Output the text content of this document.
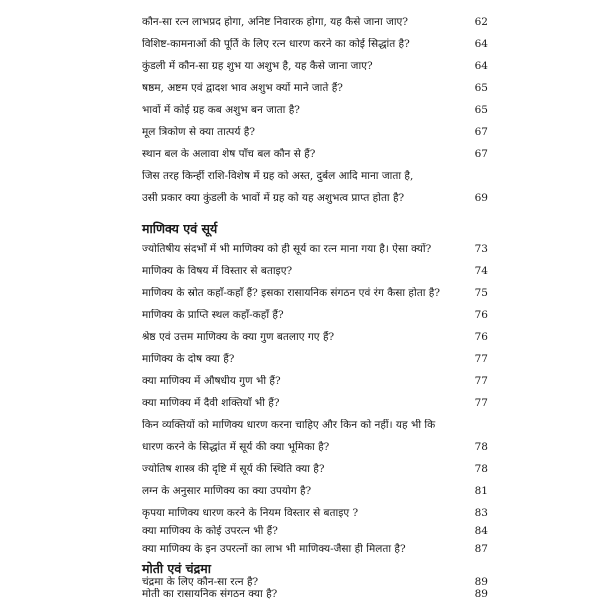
कौन-सा रत्न लाभप्रद होगा, अनिष्ट निवारक होगा, यह कैसे जाना जाए?	62
विशिष्ट-कामनाओं की पूर्ति के लिए रत्न धारण करने का कोई सिद्धांत है?	64
कुंडली में कौन-सा ग्रह शुभ या अशुभ है, यह कैसे जाना जाए?	64
षष्ठम, अष्टम एवं द्वादश भाव अशुभ क्यों माने जाते हैं?	65
भावों में कोई ग्रह कब अशुभ बन जाता है?	65
मूल त्रिकोण से क्या तात्पर्य है?	67
स्थान बल के अलावा शेष पाँच बल कौन से हैं?	67
जिस तरह किन्हीं राशि-विशेष में ग्रह को अस्त, दुर्बल आदि माना जाता है,
उसी प्रकार क्या कुंडली के भावों में ग्रह को यह अशुभत्व प्राप्त होता है?	69
माणिक्य एवं सूर्य
ज्योतिषीय संदर्भों में भी माणिक्य को ही सूर्य का रत्न माना गया है। ऐसा क्यों?	73
माणिक्य के विषय में विस्तार से बताइए?	74
माणिक्य के स्रोत कहाँ-कहाँ हैं? इसका रासायनिक संगठन एवं रंग कैसा होता है?	75
माणिक्य के प्राप्ति स्थल कहाँ-कहाँ हैं?	76
श्रेष्ठ एवं उत्तम माणिक्य के क्या गुण बतलाए गए हैं?	76
माणिक्य के दोष क्या हैं?	77
क्या माणिक्य में औषधीय गुण भी हैं?	77
क्या माणिक्य में दैवी शक्तियाँ भी हैं?	77
किन व्यक्तियों को माणिक्य धारण करना चाहिए और किन को नहीं। यह भी कि
धारण करने के सिद्धांत में सूर्य की क्या भूमिका है?	78
ज्योतिष शास्त्र की दृष्टि में सूर्य की स्थिति क्या है?	78
लग्न के अनुसार माणिक्य का क्या उपयोग है?	81
कृपया माणिक्य धारण करने के नियम विस्तार से बताइए ?	83
क्या माणिक्य के कोई उपरत्न भी हैं?	84
क्या माणिक्य के इन उपरत्नों का लाभ भी माणिक्य-जैसा ही मिलता है?	87
मोती एवं चंद्रमा
चंद्रमा के लिए कौन-सा रत्न है?	89
मोती का रासायनिक संगठन क्या है?	89
